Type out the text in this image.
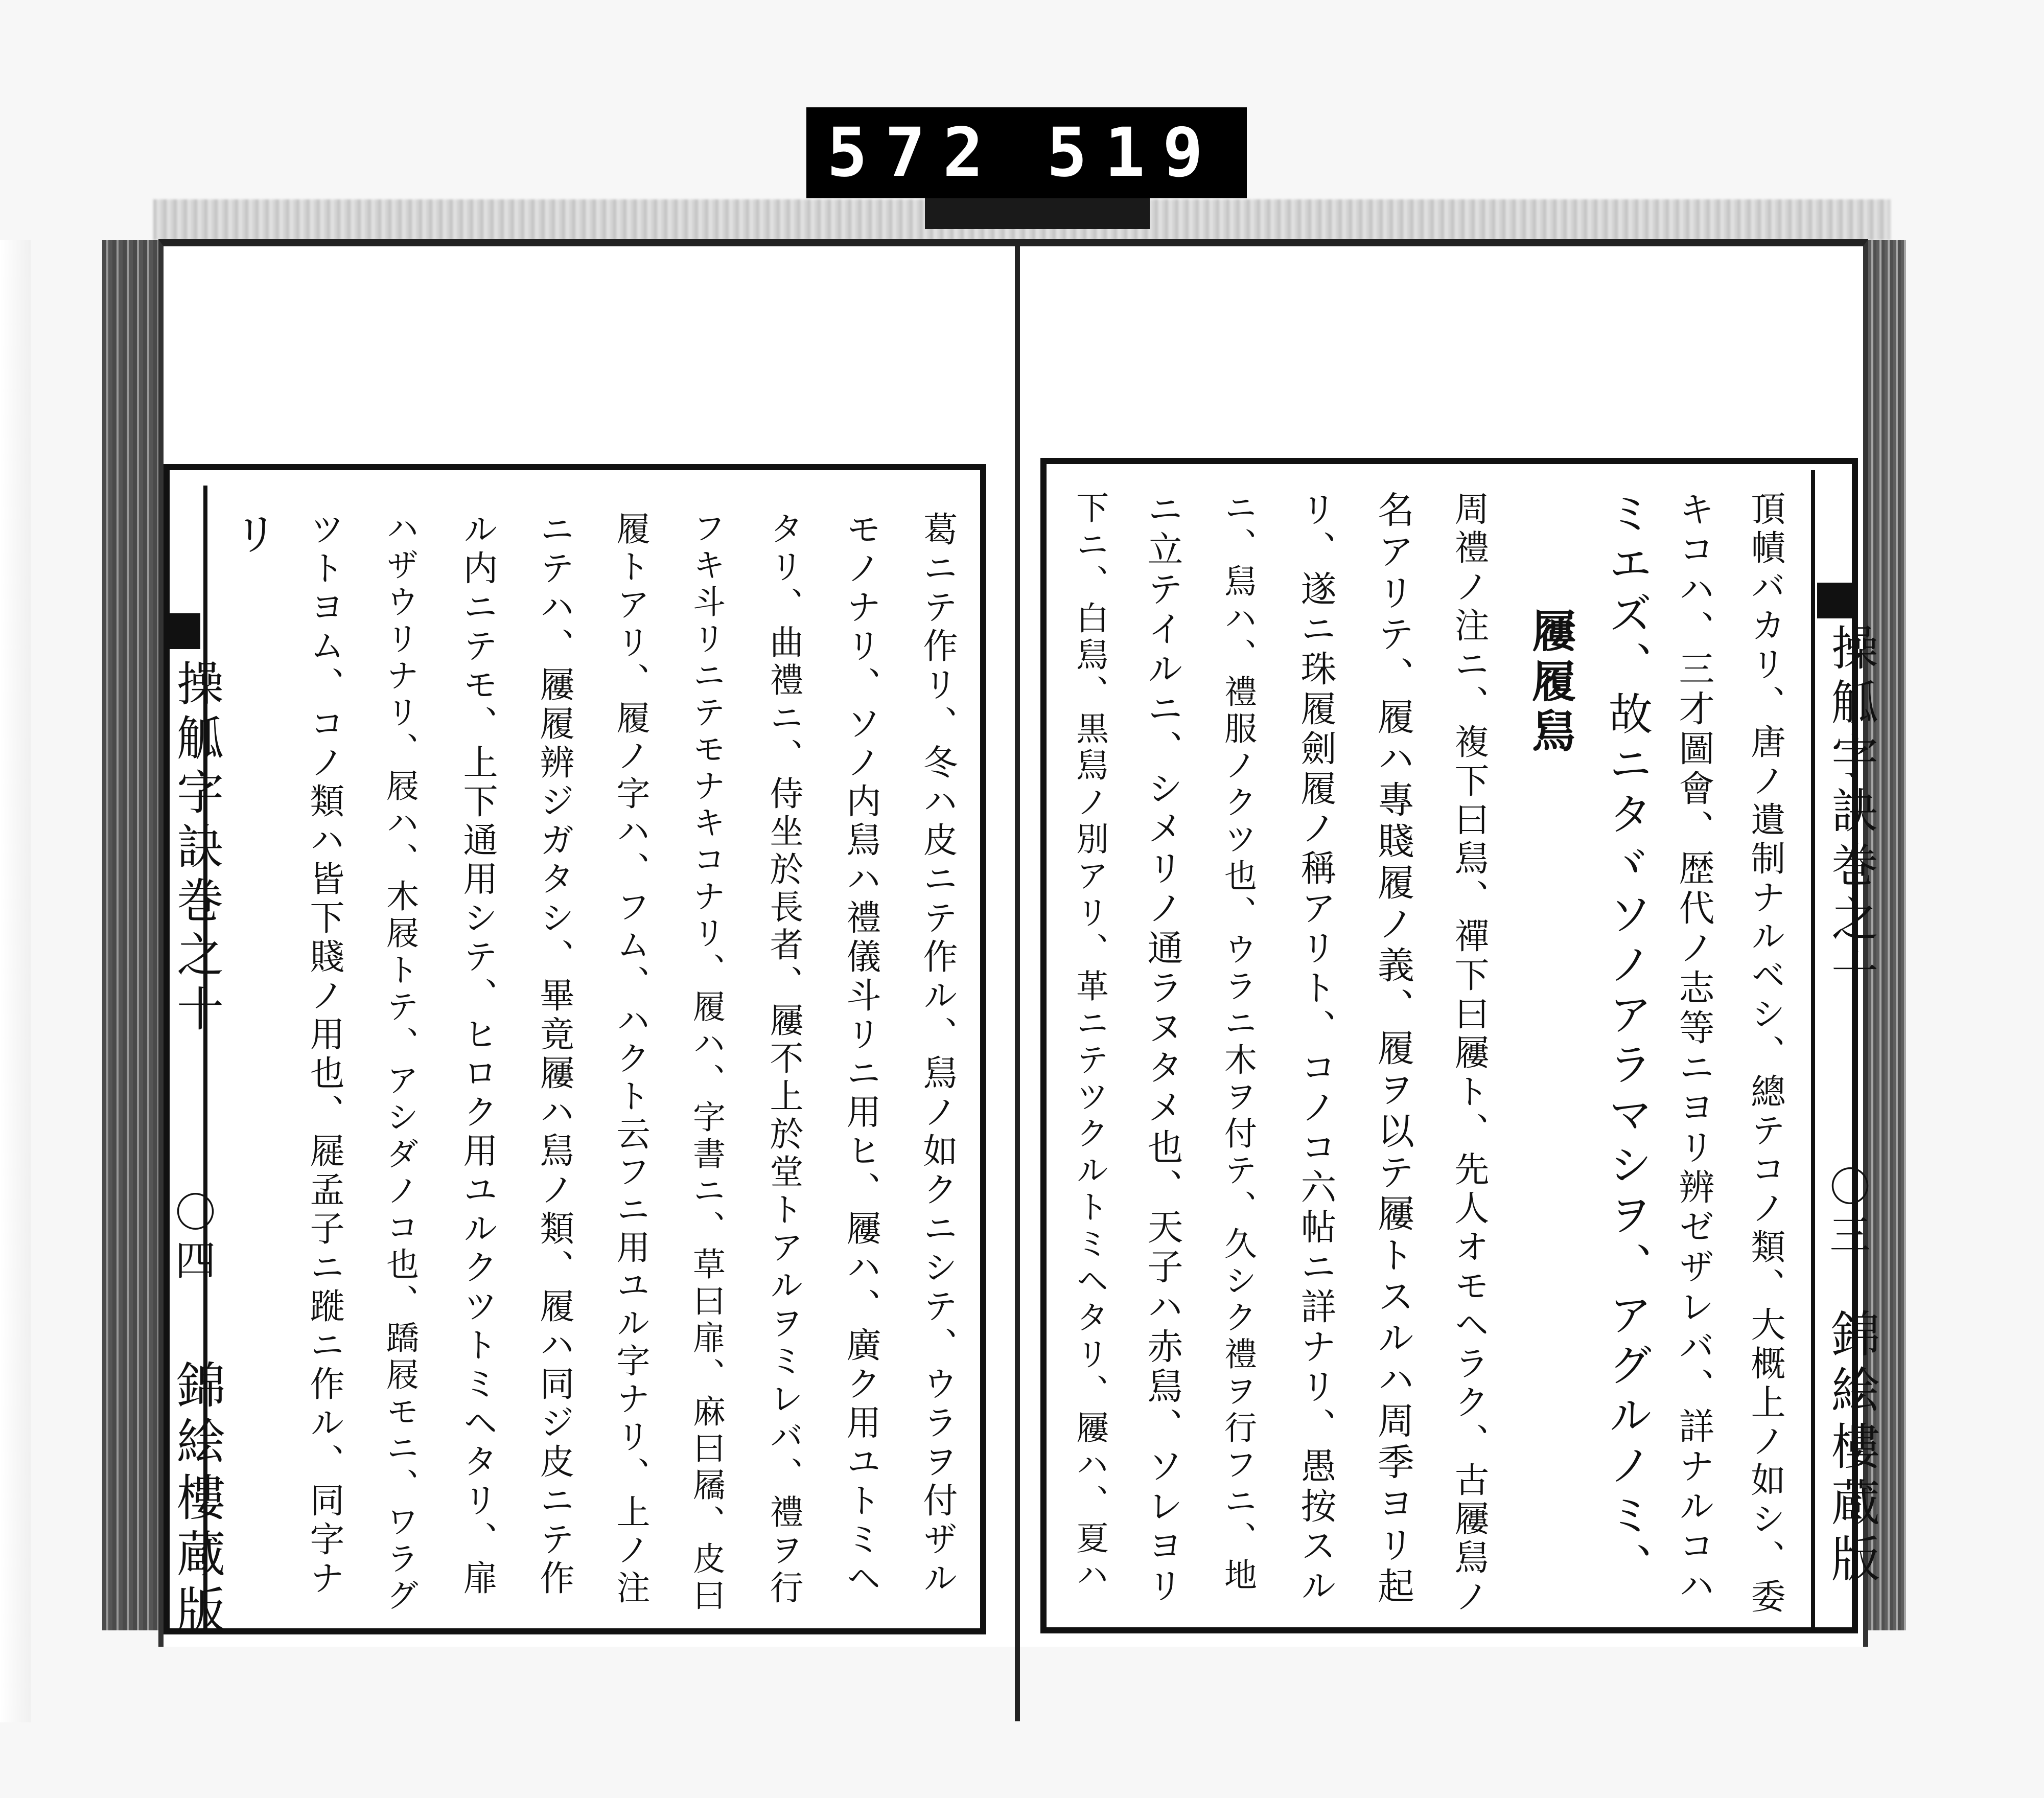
572 519
操觚字訣巻之十
〇四
錦絵樓蔵版	葛ニテ作リ、冬ハ皮ニテ作ル、舃ノ如クニシテ、ウラヲ付ザル
モノナリ、ソノ内舃ハ禮儀斗リニ用ヒ、屨ハ、廣ク用ユトミヘ
タリ、曲禮ニ、侍坐於長者、屨不上於堂トアルヲミレバ、禮ヲ行
フキ斗リニテモナキコナリ、履ハ、字書ニ、草曰扉、麻曰屩、皮曰
履トアリ、履ノ字ハ、フム、ハクト云フニ用ユル字ナリ、上ノ注
ニテハ、屨履辨ジガタシ、畢竟屨ハ舃ノ類、履ハ同ジ皮ニテ作
ル内ニテモ、上下通用シテ、ヒロク用ユルクツトミヘタリ、扉
ハザウリナリ、屐ハ、木屐トテ、アシダノコ也、蹻屐モニ、ワラグ
ツトヨム、コノ類ハ皆下賤ノ用也、屣孟子ニ蹝ニ作ル、同字ナ
リ
操觚字訣巻之十
〇三
錦絵樓蔵版
頂幘バカリ、唐ノ遺制ナルベシ、總テコノ類、大概上ノ如シ、委
キコハ、三才圖會、歴代ノ志等ニヨリ辨ゼザレバ、詳ナルコハ
ミエズ、故ニタヾソノアラマシヲ、アグルノミ、
屨履舃
周禮ノ注ニ、複下曰舃、禪下曰屨ト、先人オモヘラク、古屨舃ノ
名アリテ、履ハ專賤履ノ義、履ヲ以テ屨トスルハ周季ヨリ起
リ、遂ニ珠履劍履ノ稱アリト、コノコ六帖ニ詳ナリ、愚按スル
ニ、舃ハ、禮服ノクツ也、ウラニ木ヲ付テ、久シク禮ヲ行フニ、地
ニ立テイルニ、シメリノ通ラヌタメ也、天子ハ赤舃、ソレヨリ
下ニ、白舃、黒舃ノ別アリ、革ニテツクルトミヘタリ、屨ハ、夏ハ
